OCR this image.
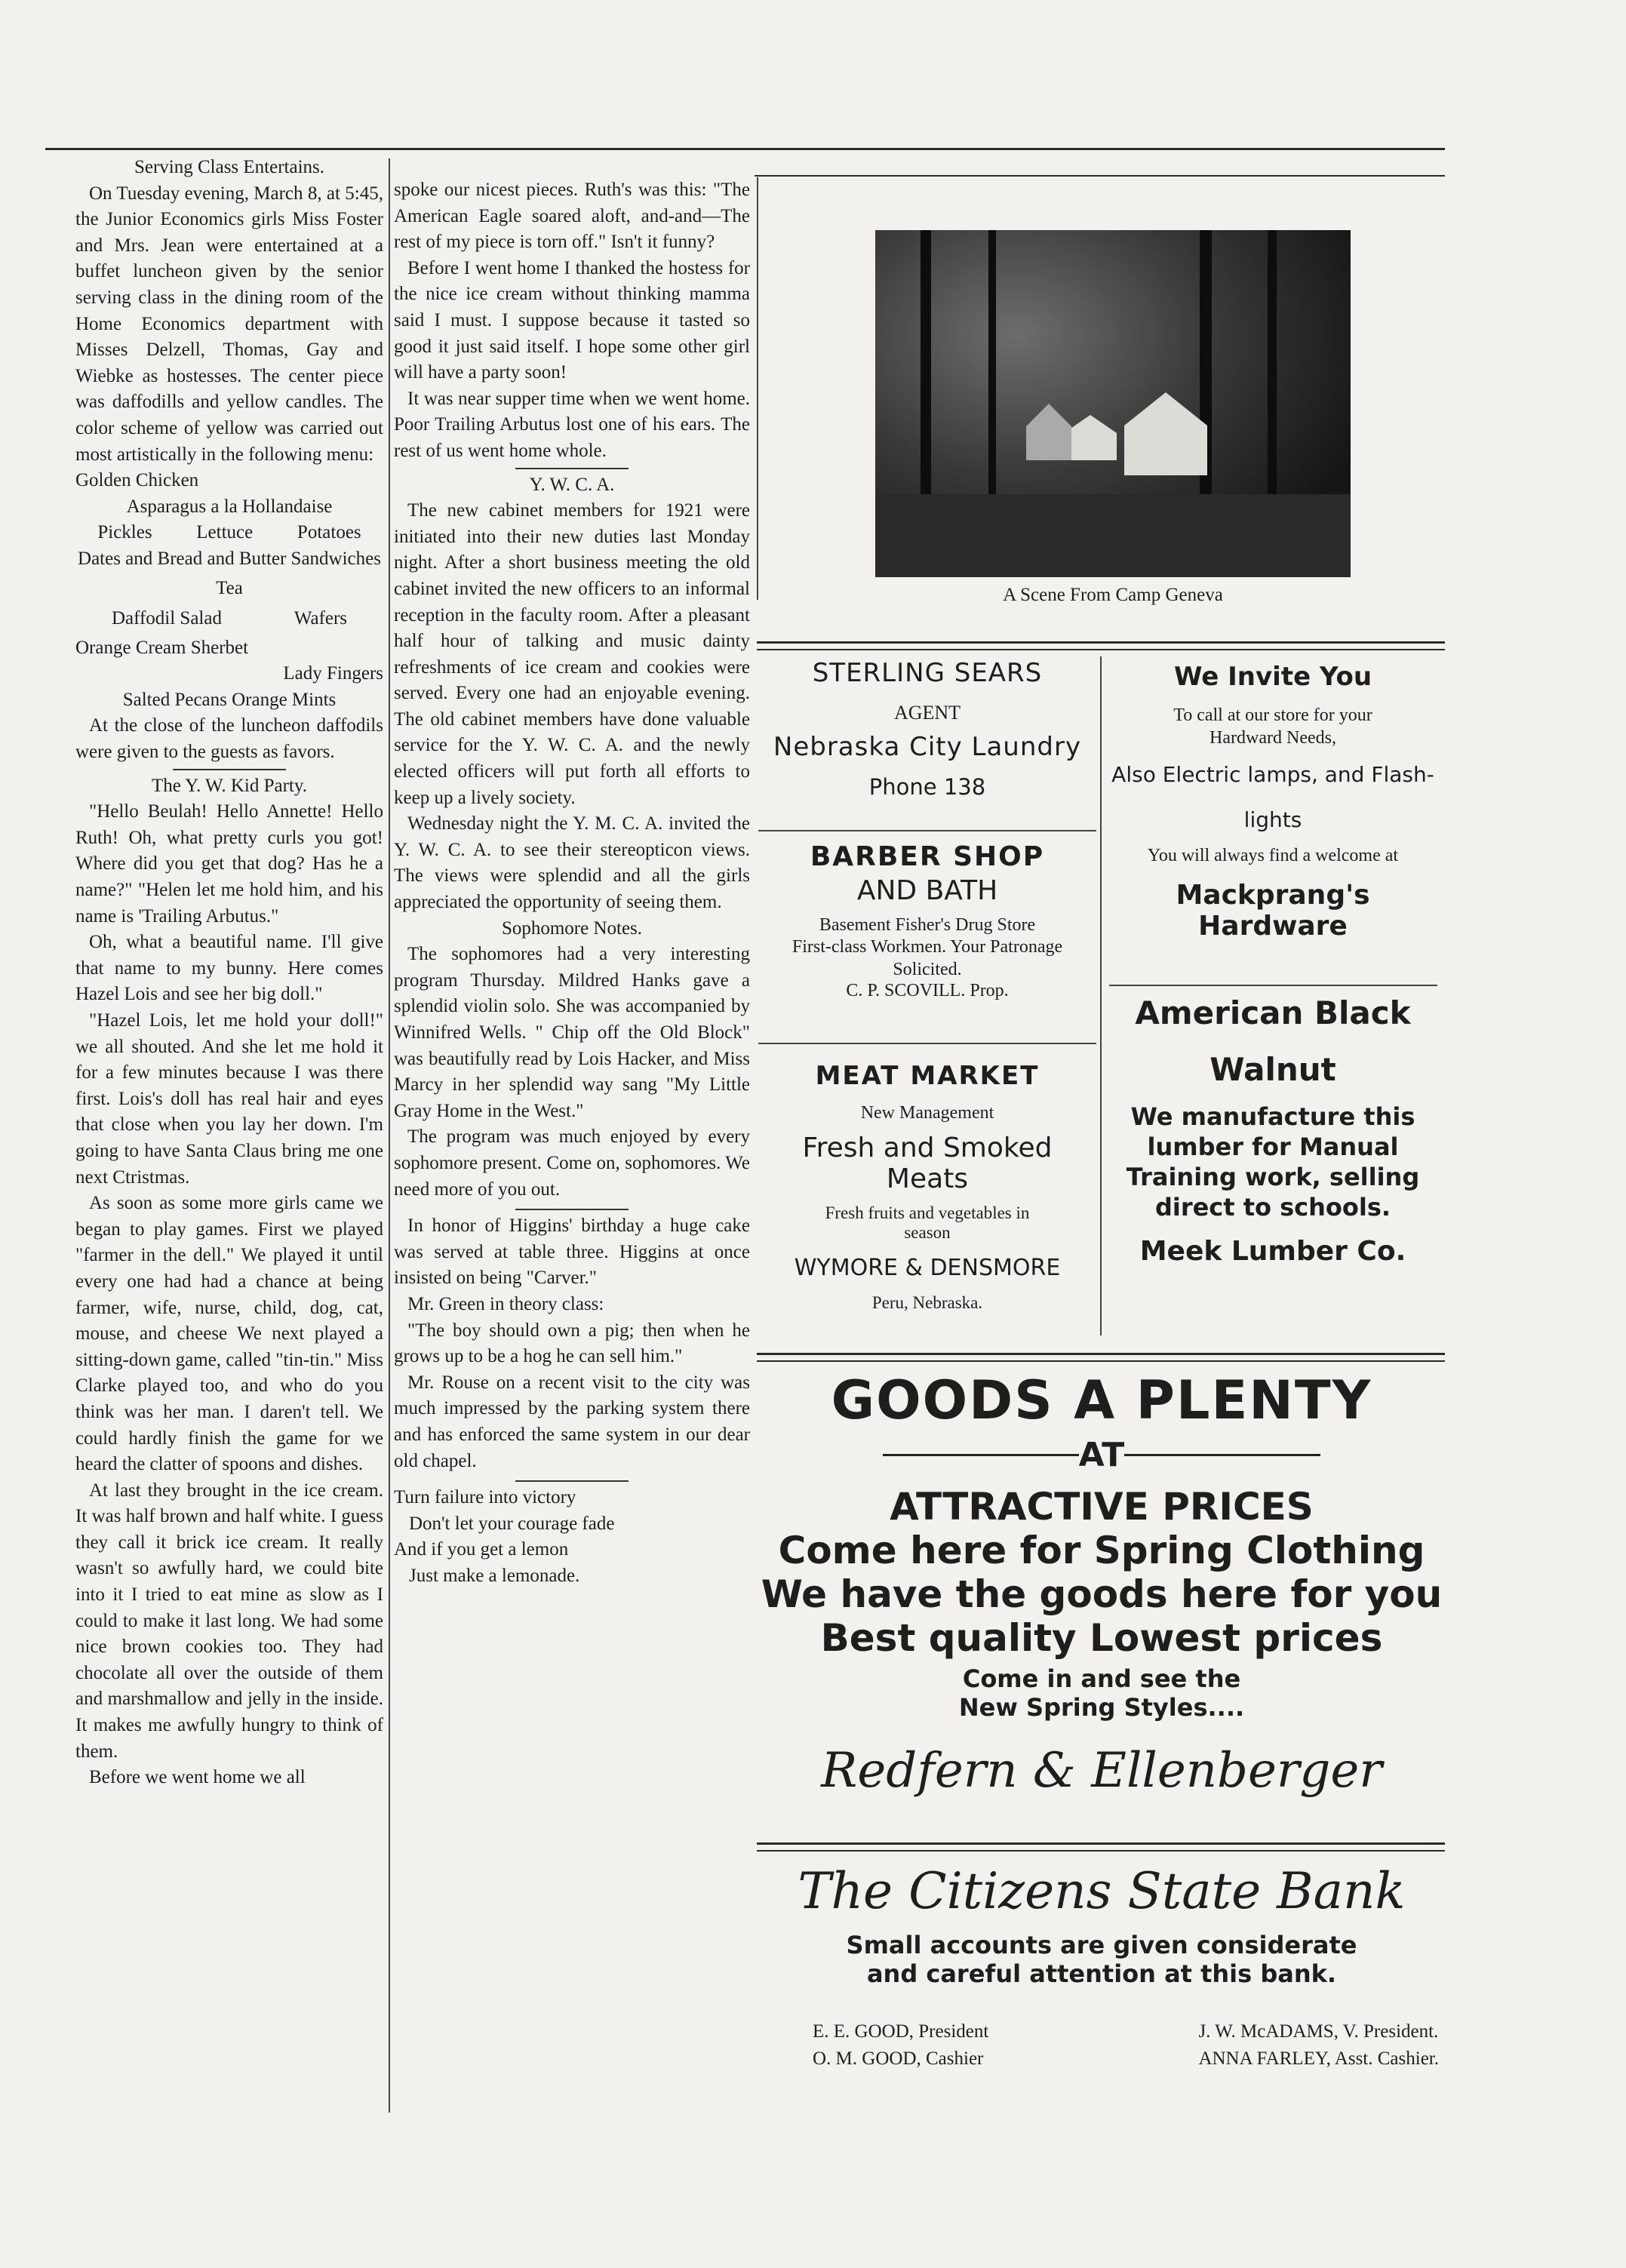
Serving Class Entertains.

On Tuesday evening, March 8, at 5:45, the Junior Economics girls Miss Foster and Mrs. Jean were entertained at a buffet luncheon given by the senior serving class in the dining room of the Home Economics department with Misses Delzell, Thomas, Gay and Wiebke as hostesses. The center piece was daffodills and yellow candles. The color scheme of yellow was carried out most artistically in the following menu:

Golden Chicken

Asparagus a la Hollandaise

Pickles Lettuce Potatoes

Dates and Bread and Butter Sandwiches

Tea

Daffodil Salad	Wafers

Orange Cream Sherbet

Lady Fingers

Salted Pecans Orange Mints

At the close of the luncheon daffodils were given to the guests as favors.

The Y. W. Kid Party.

"Hello Beulah! Hello Annette! Hello Ruth! Oh, what pretty curls you got! Where did you get that dog? Has he a name?" "Helen let me hold him, and his name is 'Trailing Arbutus."

Oh, what a beautiful name. I'll give that name to my bunny. Here comes Hazel Lois and see her big doll."

"Hazel Lois, let me hold your doll!" we all shouted. And she let me hold it for a few minutes because I was there first. Lois's doll has real hair and eyes that close when you lay her down. I'm going to have Santa Claus bring me one next Ctristmas.

As soon as some more girls came we began to play games. First we played "farmer in the dell." We played it until every one had had a chance at being farmer, wife, nurse, child, dog, cat, mouse, and cheese We next played a sitting-down game, called "tin-tin." Miss Clarke played too, and who do you think was her man. I daren't tell. We could hardly finish the game for we heard the clatter of spoons and dishes.

At last they brought in the ice cream. It was half brown and half white. I guess they call it brick ice cream. It really wasn't so awfully hard, we could bite into it I tried to eat mine as slow as I could to make it last long. We had some nice brown cookies too. They had chocolate all over the outside of them and marshmallow and jelly in the inside. It makes me awfully hungry to think of them.

Before we went home we all

spoke our nicest pieces. Ruth's was this: "The American Eagle soared aloft, and-and—The rest of my piece is torn off." Isn't it funny?

Before I went home I thanked the hostess for the nice ice cream without thinking mamma said I must. I suppose because it tasted so good it just said itself. I hope some other girl will have a party soon!

It was near supper time when we went home. Poor Trailing Arbutus lost one of his ears. The rest of us went home whole.

Y. W. C. A.

The new cabinet members for 1921 were initiated into their new duties last Monday night. After a short business meeting the old cabinet invited the new officers to an informal reception in the faculty room. After a pleasant half hour of talking and music dainty refreshments of ice cream and cookies were served. Every one had an enjoyable evening. The old cabinet members have done valuable service for the Y. W. C. A. and the newly elected officers will put forth all efforts to keep up a lively society.

Wednesday night the Y. M. C. A. invited the Y. W. C. A. to see their stereopticon views. The views were splendid and all the girls appreciated the opportunity of seeing them.

Sophomore Notes.

The sophomores had a very interesting program Thursday. Mildred Hanks gave a splendid violin solo. She was accompanied by Winnifred Wells. " Chip off the Old Block" was beautifully read by Lois Hacker, and Miss Marcy in her splendid way sang "My Little Gray Home in the West."

The program was much enjoyed by every sophomore present. Come on, sophomores. We need more of you out.

In honor of Higgins' birthday a huge cake was served at table three. Higgins at once insisted on being "Carver."

Mr. Green in theory class:

"The boy should own a pig; then when he grows up to be a hog he can sell him."

Mr. Rouse on a recent visit to the city was much impressed by the parking system there and has enforced the same system in our dear old chapel.

Turn failure into victory

Don't let your courage fade

And if you get a lemon

Just make a lemonade.

A Scene From Camp Geneva
STERLING SEARS
AGENT
Nebraska City Laundry
Phone 138
BARBER SHOP
AND BATH
Basement Fisher's Drug Store
First-class Workmen. Your Patronage Solicited.
C. P. SCOVILL. Prop.
MEAT MARKET
New Management
Fresh and Smoked Meats
Fresh fruits and vegetables in season
WYMORE & DENSMORE
Peru, Nebraska.
We Invite You
To call at our store for your Hardward Needs,
Also Electric lamps, and Flash-lights
You will always find a welcome at
Mackprang's Hardware
American Black
Walnut
We manufacture this lumber for Manual Training work, selling direct to schools.
Meek Lumber Co.
GOODS A PLENTY
AT
ATTRACTIVE PRICES
Come here for Spring Clothing
We have the goods here for you
Best quality Lowest prices
Come in and see the
New Spring Styles....
Redfern & Ellenberger
The Citizens State Bank
Small accounts are given considerate
and careful attention at this bank.
E. E. GOOD, President
O. M. GOOD, Cashier
J. W. McADAMS, V. President.
ANNA FARLEY, Asst. Cashier.
